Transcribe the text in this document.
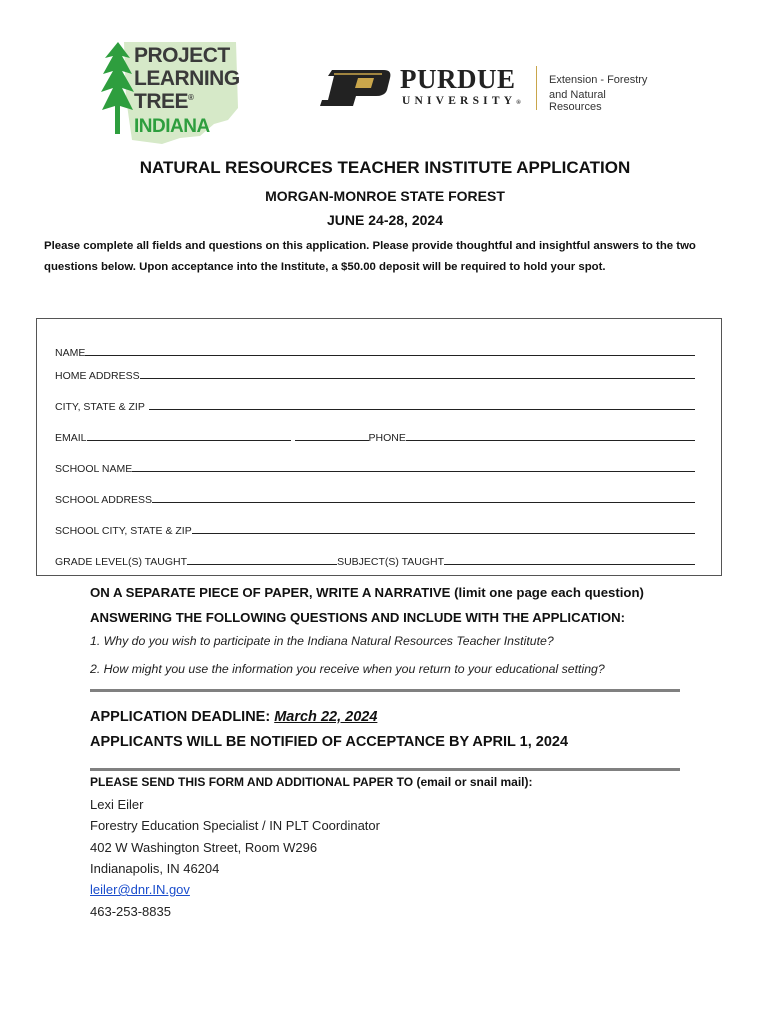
PROJECT
LEARNING
TREE®
INDIANA
PURDUE
UNIVERSITY®
Extension - Forestry
and Natural Resources
NATURAL RESOURCES TEACHER INSTITUTE APPLICATION
MORGAN-MONROE STATE FOREST
JUNE 24-28, 2024
Please complete all fields and questions on this application. Please provide thoughtful and insightful answers to the two questions below. Upon acceptance into the Institute, a $50.00 deposit will be required to hold your spot.
NAME
HOME ADDRESS
CITY, STATE & ZIP
EMAIL	PHONE
SCHOOL NAME
SCHOOL ADDRESS
SCHOOL CITY, STATE & ZIP
GRADE LEVEL(S) TAUGHT	SUBJECT(S) TAUGHT
ON A SEPARATE PIECE OF PAPER, WRITE A NARRATIVE (limit one page each question)
ANSWERING THE FOLLOWING QUESTIONS AND INCLUDE WITH THE APPLICATION:
1. Why do you wish to participate in the Indiana Natural Resources Teacher Institute?
2. How might you use the information you receive when you return to your educational setting?
APPLICATION DEADLINE: March 22, 2024
APPLICANTS WILL BE NOTIFIED OF ACCEPTANCE BY APRIL 1, 2024
PLEASE SEND THIS FORM AND ADDITIONAL PAPER TO (email or snail mail):
Lexi Eiler
Forestry Education Specialist / IN PLT Coordinator
402 W Washington Street, Room W296
Indianapolis, IN 46204
leiler@dnr.IN.gov
463-253-8835
